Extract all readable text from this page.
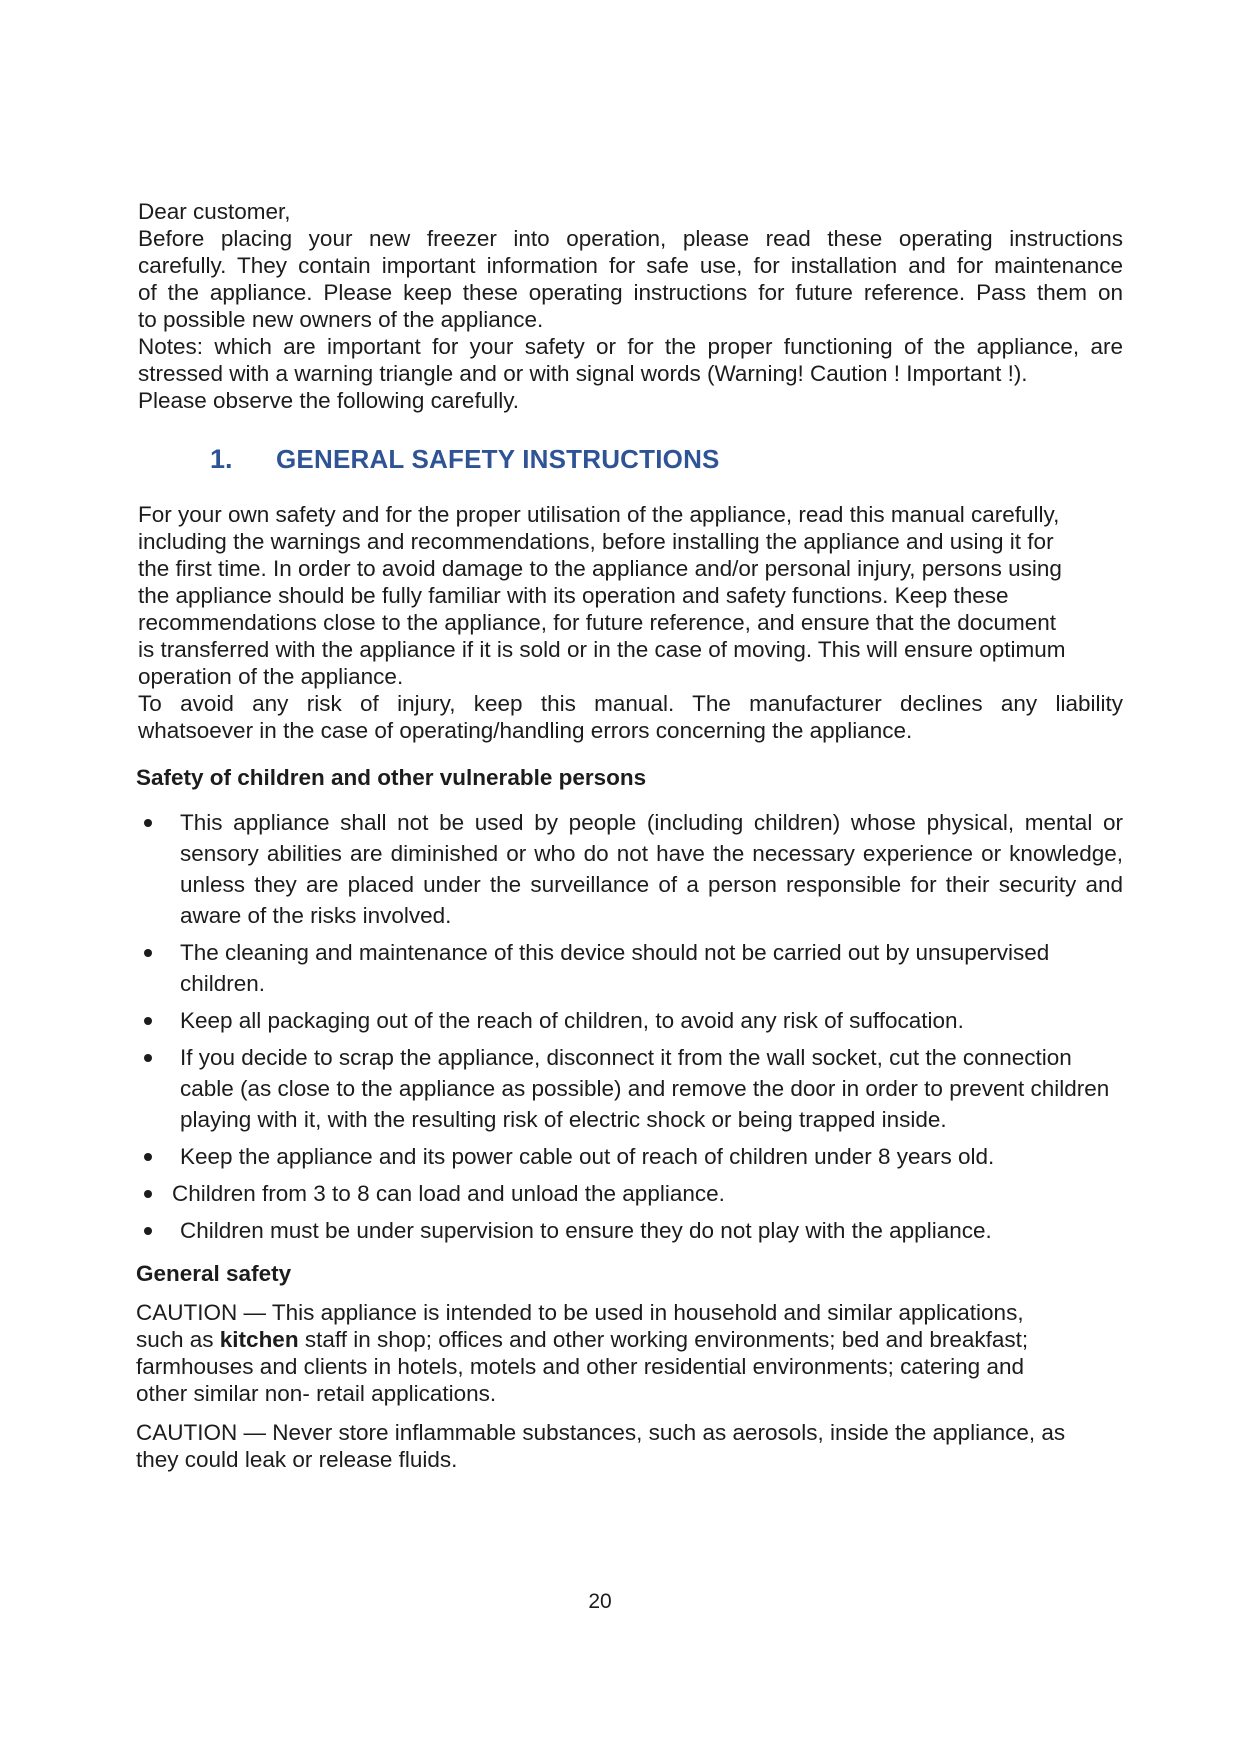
Dear customer,

Before placing your new freezer into operation, please read these operating instructions
carefully. They contain important information for safe use, for installation and for maintenance
of the appliance. Please keep these operating instructions for future reference. Pass them on
to possible new owners of the appliance.

Notes: which are important for your safety or for the proper functioning of the appliance, are
stressed with a warning triangle and or with signal words (Warning! Caution ! Important !).
Please observe the following carefully.

1.	GENERAL SAFETY INSTRUCTIONS

For your own safety and for the proper utilisation of the appliance, read this manual carefully,
including the warnings and recommendations, before installing the appliance and using it for
the first time. In order to avoid damage to the appliance and/or personal injury, persons using
the appliance should be fully familiar with its operation and safety functions. Keep these
recommendations close to the appliance, for future reference, and ensure that the document
is transferred with the appliance if it is sold or in the case of moving. This will ensure optimum
operation of the appliance.

To avoid any risk of injury, keep this manual. The manufacturer declines any liability
whatsoever in the case of operating/handling errors concerning the appliance.

Safety of children and other vulnerable persons
This appliance shall not be used by people (including children) whose physical, mental or sensory abilities are diminished or who do not have the necessary experience or knowledge, unless they are placed under the surveillance of a person responsible for their security and aware of the risks involved.
The cleaning and maintenance of this device should not be carried out by unsupervised children.
Keep all packaging out of the reach of children, to avoid any risk of suffocation.
If you decide to scrap the appliance, disconnect it from the wall socket, cut the connection cable (as close to the appliance as possible) and remove the door in order to prevent children playing with it, with the resulting risk of electric shock or being trapped inside.
Keep the appliance and its power cable out of reach of children under 8 years old.
Children from 3 to 8 can load and unload the appliance.
Children must be under supervision to ensure they do not play with the appliance.
General safety

CAUTION — This appliance is intended to be used in household and similar applications,
such as kitchen staff in shop; offices and other working environments; bed and breakfast;
farmhouses and clients in hotels, motels and other residential environments; catering and
other similar non- retail applications.

CAUTION — Never store inflammable substances, such as aerosols, inside the appliance, as
they could leak or release fluids.

20
